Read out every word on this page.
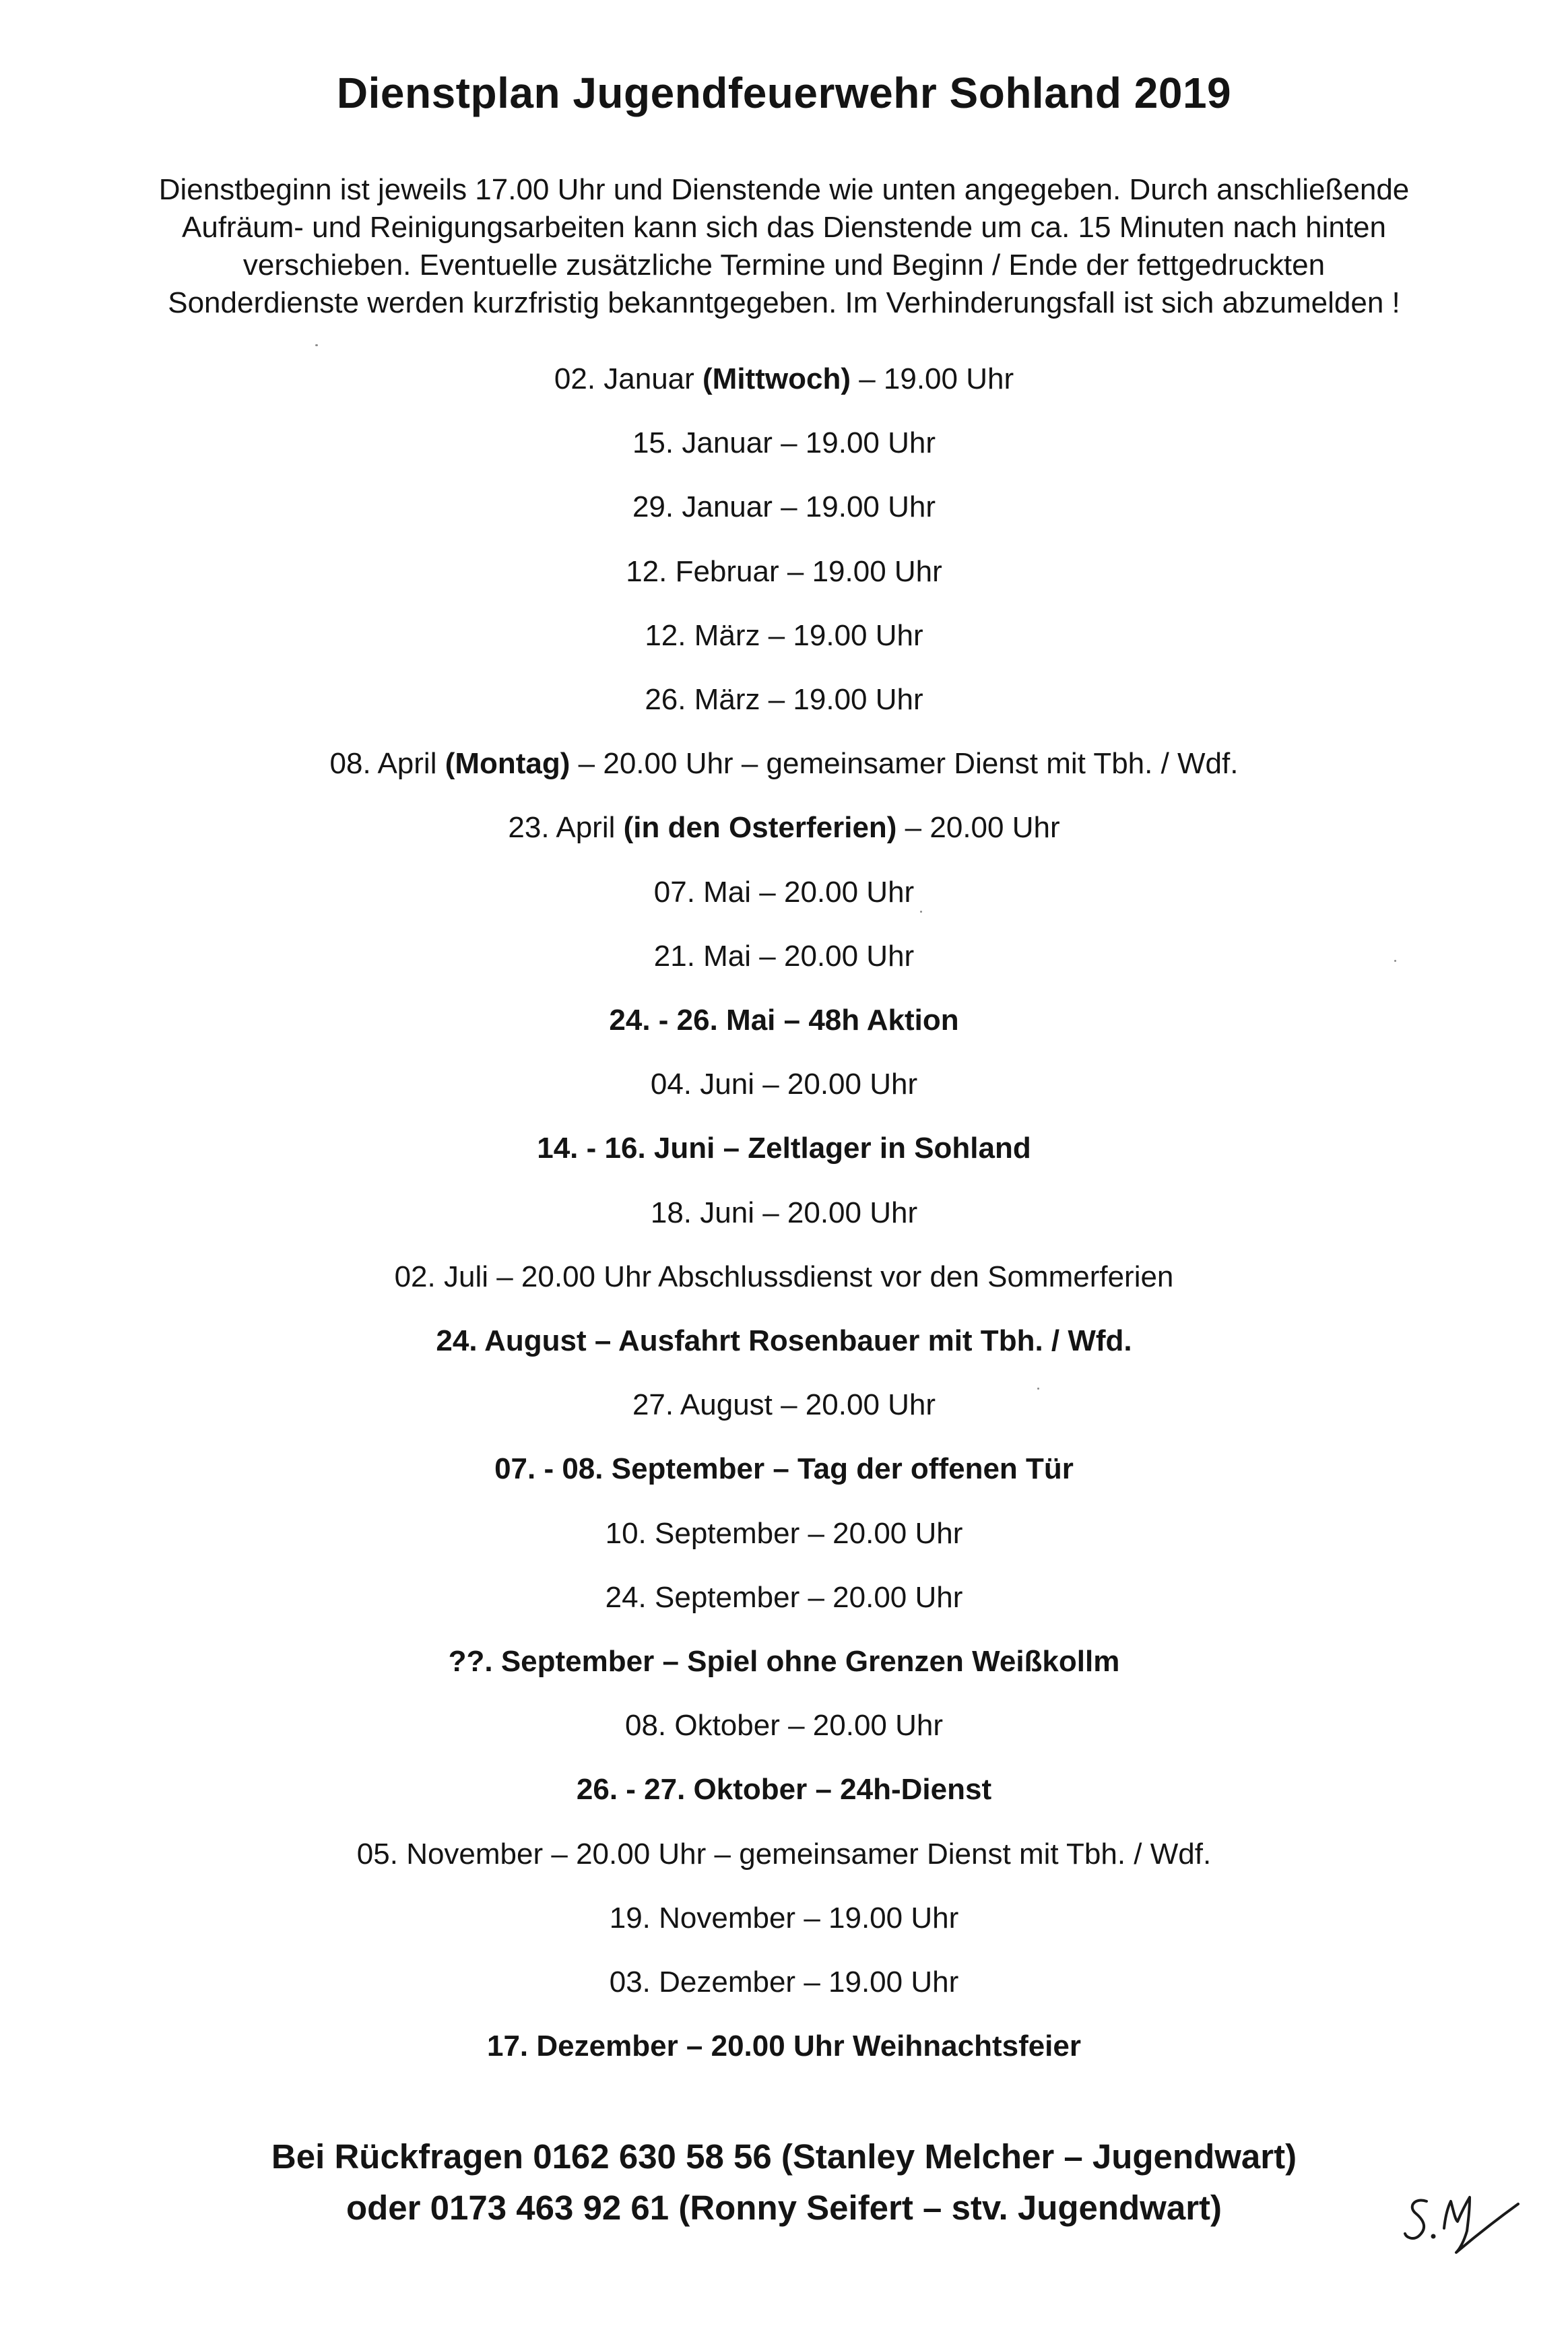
Dienstplan Jugendfeuerwehr Sohland 2019
Dienstbeginn ist jeweils 17.00 Uhr und Dienstende wie unten angegeben. Durch anschließende
Aufräum- und Reinigungsarbeiten kann sich das Dienstende um ca. 15 Minuten nach hinten
verschieben. Eventuelle zusätzliche Termine und Beginn / Ende der fettgedruckten
Sonderdienste werden kurzfristig bekanntgegeben. Im Verhinderungsfall ist sich abzumelden !
02. Januar (Mittwoch) – 19.00 Uhr
15. Januar – 19.00 Uhr
29. Januar – 19.00 Uhr
12. Februar – 19.00 Uhr
12. März – 19.00 Uhr
26. März – 19.00 Uhr
08. April (Montag) – 20.00 Uhr – gemeinsamer Dienst mit Tbh. / Wdf.
23. April (in den Osterferien) – 20.00 Uhr
07. Mai – 20.00 Uhr
21. Mai – 20.00 Uhr
24. - 26. Mai – 48h Aktion
04. Juni – 20.00 Uhr
14. - 16. Juni – Zeltlager in Sohland
18. Juni – 20.00 Uhr
02. Juli – 20.00 Uhr Abschlussdienst vor den Sommerferien
24. August – Ausfahrt Rosenbauer mit Tbh. / Wfd.
27. August – 20.00 Uhr
07. - 08. September – Tag der offenen Tür
10. September – 20.00 Uhr
24. September – 20.00 Uhr
??. September – Spiel ohne Grenzen Weißkollm
08. Oktober – 20.00 Uhr
26. - 27. Oktober – 24h-Dienst
05. November – 20.00 Uhr – gemeinsamer Dienst mit Tbh. / Wdf.
19. November – 19.00 Uhr
03. Dezember – 19.00 Uhr
17. Dezember – 20.00 Uhr Weihnachtsfeier
Bei Rückfragen 0162 630 58 56 (Stanley Melcher – Jugendwart)
oder 0173 463 92 61 (Ronny Seifert – stv. Jugendwart)
